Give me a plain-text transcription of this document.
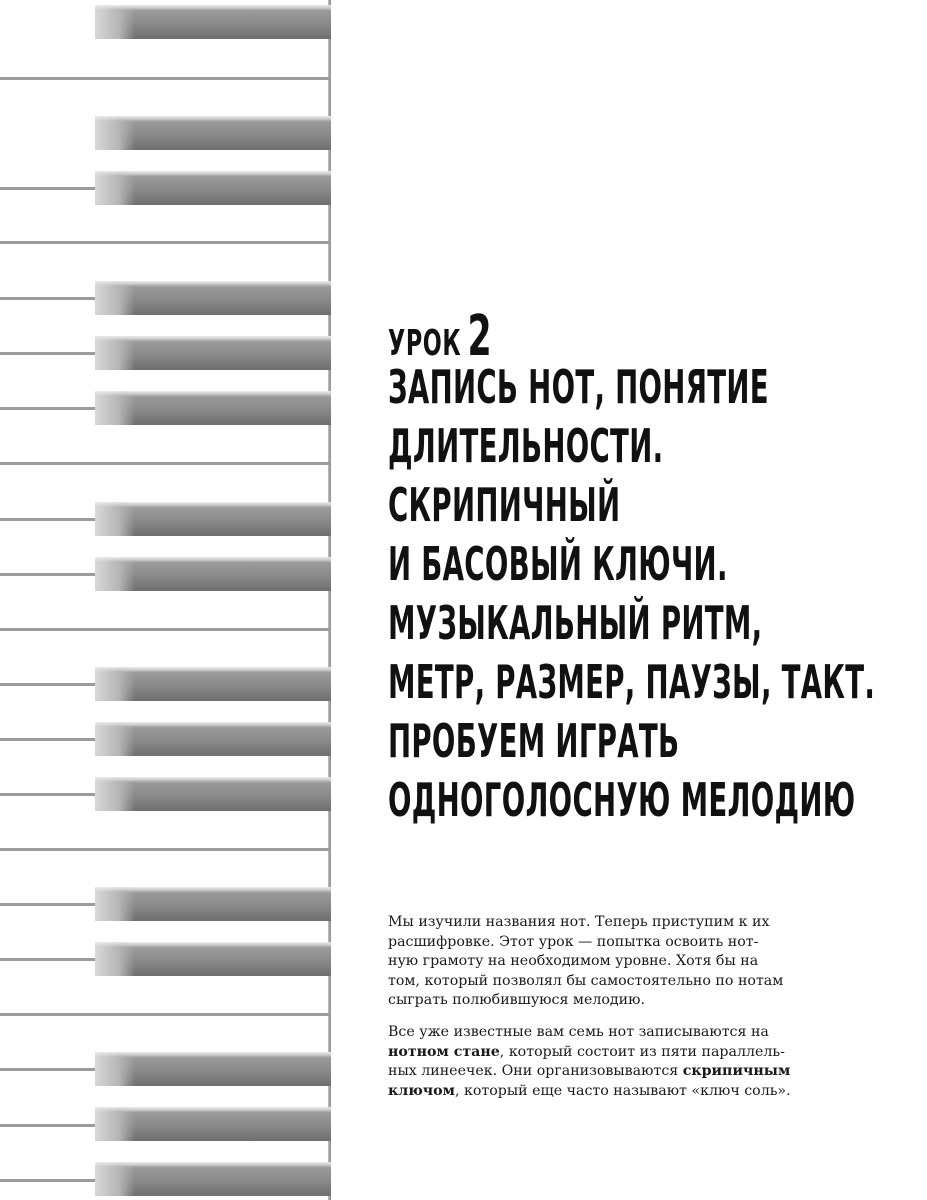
УРОК 2
ЗАПИСЬ НОТ, ПОНЯТИЕ
ДЛИТЕЛЬНОСТИ.
СКРИПИЧНЫЙ
И БАСОВЫЙ КЛЮЧИ.
МУЗЫКАЛЬНЫЙ РИТМ,
МЕТР, РАЗМЕР, ПАУЗЫ, ТАКТ.
ПРОБУЕМ ИГРАТЬ
ОДНОГОЛОСНУЮ МЕЛОДИЮ

Мы изучили названия нот. Теперь приступим к их
расшифровке. Этот урок — попытка освоить нот-
ную грамоту на необходимом уровне. Хотя бы на
том, который позволял бы самостоятельно по нотам
сыграть полюбившуюся мелодию.

Все уже известные вам семь нот записываются на
нотном стане, который состоит из пяти параллель-
ных линеечек. Они организовываются скрипичным
ключом, который еще часто называют «ключ соль».
